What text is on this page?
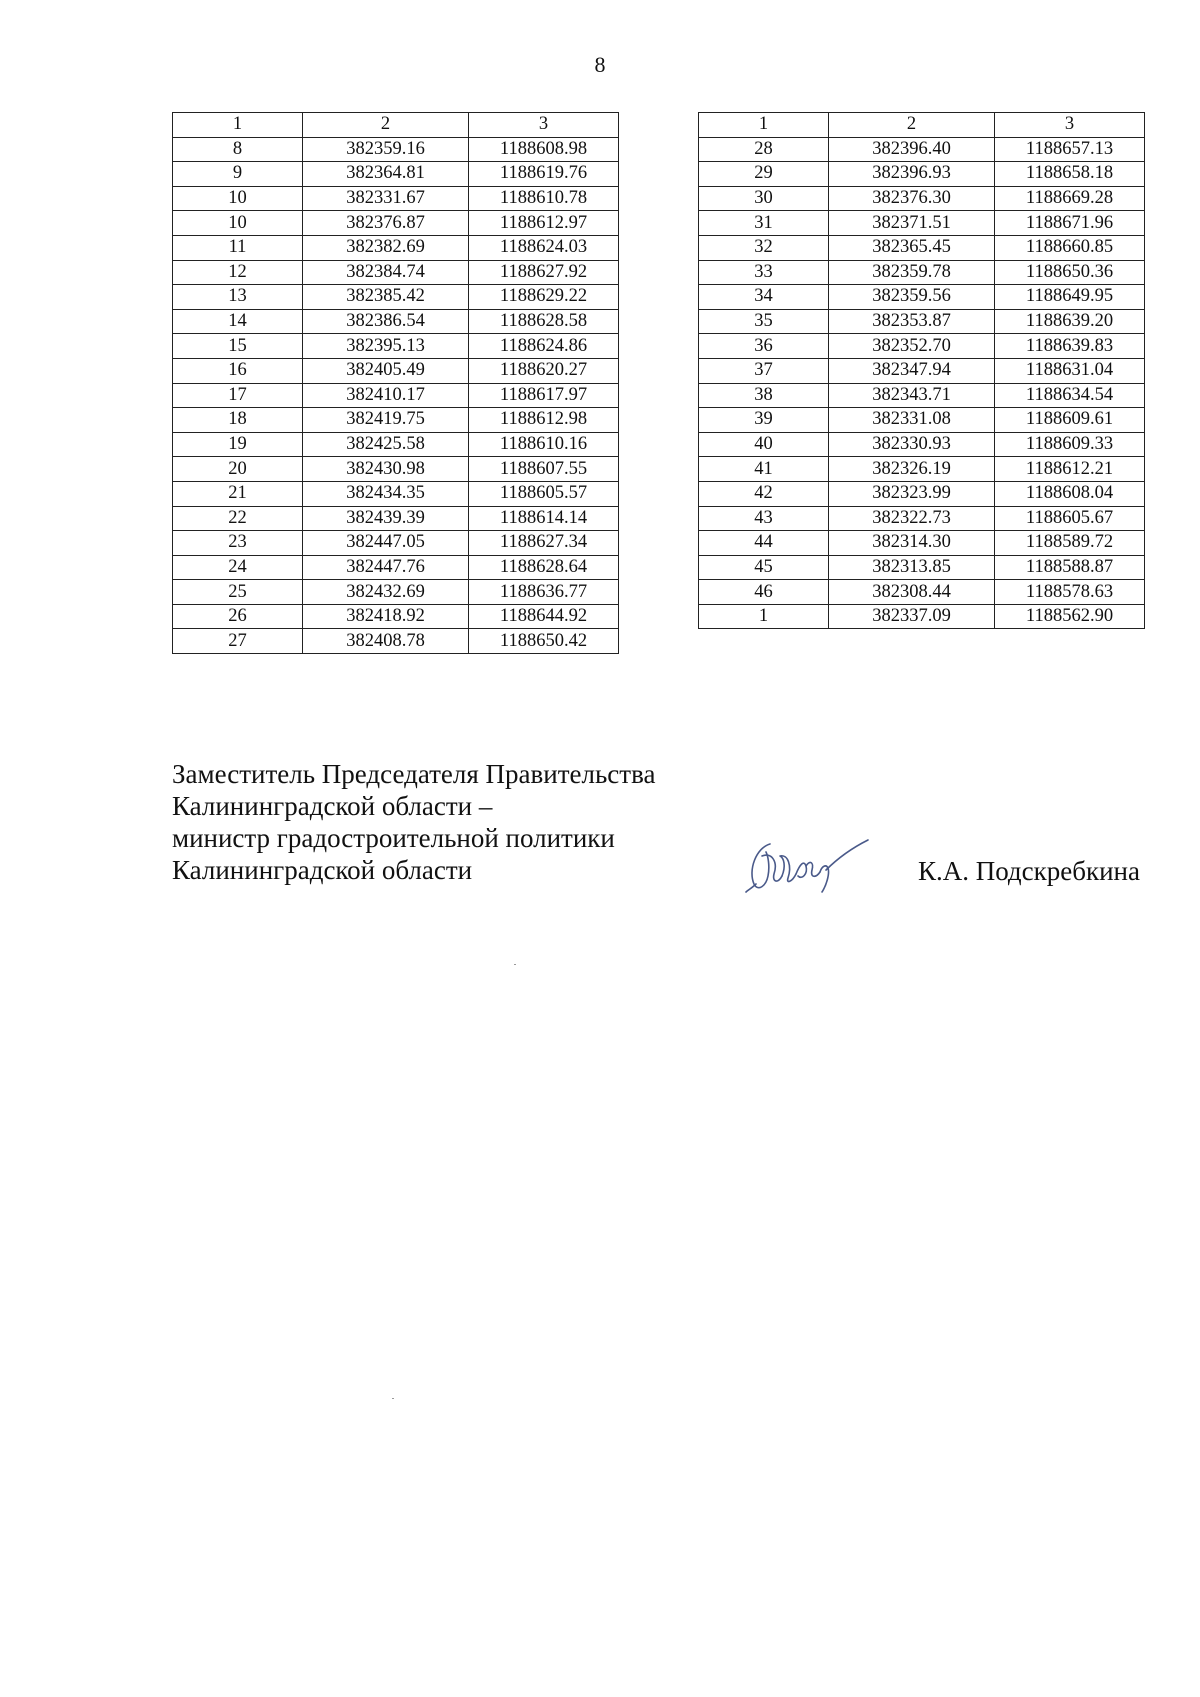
8
1	2	3
8	382359.16	1188608.98
9	382364.81	1188619.76
10	382331.67	1188610.78
10	382376.87	1188612.97
11	382382.69	1188624.03
12	382384.74	1188627.92
13	382385.42	1188629.22
14	382386.54	1188628.58
15	382395.13	1188624.86
16	382405.49	1188620.27
17	382410.17	1188617.97
18	382419.75	1188612.98
19	382425.58	1188610.16
20	382430.98	1188607.55
21	382434.35	1188605.57
22	382439.39	1188614.14
23	382447.05	1188627.34
24	382447.76	1188628.64
25	382432.69	1188636.77
26	382418.92	1188644.92
27	382408.78	1188650.42
1	2	3
28	382396.40	1188657.13
29	382396.93	1188658.18
30	382376.30	1188669.28
31	382371.51	1188671.96
32	382365.45	1188660.85
33	382359.78	1188650.36
34	382359.56	1188649.95
35	382353.87	1188639.20
36	382352.70	1188639.83
37	382347.94	1188631.04
38	382343.71	1188634.54
39	382331.08	1188609.61
40	382330.93	1188609.33
41	382326.19	1188612.21
42	382323.99	1188608.04
43	382322.73	1188605.67
44	382314.30	1188589.72
45	382313.85	1188588.87
46	382308.44	1188578.63
1	382337.09	1188562.90
Заместитель Председателя Правительства
Калининградской области –
министр градостроительной политики
Калининградской области	К.А. Подскребкина
